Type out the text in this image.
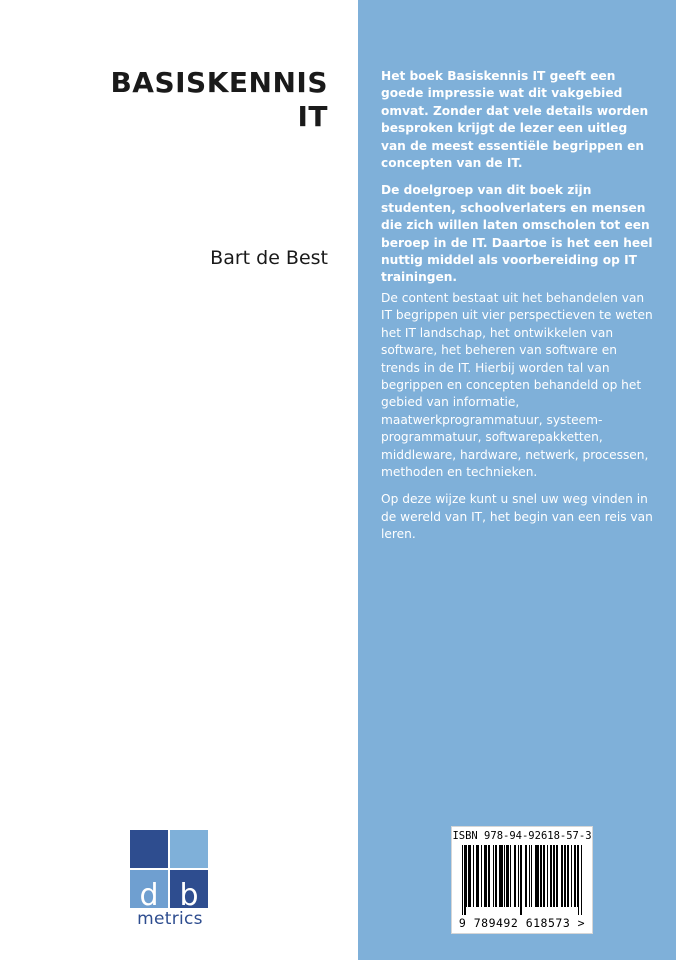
BASISKENNIS
IT
Bart de Best

Het boek Basiskennis IT geeft een goede impressie wat dit vakgebied omvat. Zonder dat vele details worden besproken krijgt de lezer een uitleg van de meest essentiële begrippen en concepten van de IT.

De doelgroep van dit boek zijn studenten, schoolverlaters en mensen die zich willen laten omscholen tot een beroep in de IT. Daartoe is het een heel nuttig middel als voorbereiding op IT trainingen.

De content bestaat uit het behandelen van IT begrippen uit vier perspectieven te weten het IT landschap, het ontwikkelen van software, het beheren van software en trends in de IT. Hierbij worden tal van begrippen en concepten behandeld op het gebied van informatie, maatwerkprogrammatuur, systeem-programmatuur, softwarepakketten, middleware, hardware, netwerk, processen, methoden en technieken.

Op deze wijze kunt u snel uw weg vinden in de wereld van IT, het begin van een reis van leren.

d b
metrics
ISBN 978-94-92618-57-3
9 789492 618573 >
